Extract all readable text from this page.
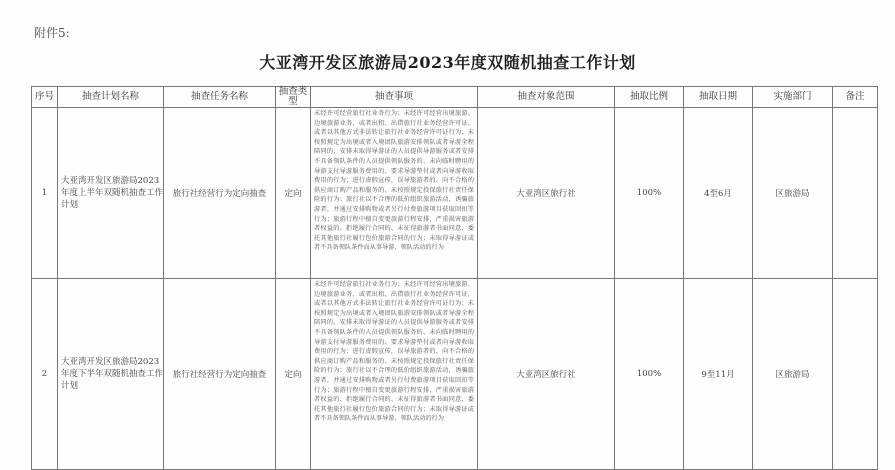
附件5:
大亚湾开发区旅游局2023年度双随机抽查工作计划
序号	抽查计划名称	抽查任务名称	抽查类型	抽查事项	抽查对象范围	抽取比例	抽取日期	实施部门	备注
1	大亚湾开发区旅游局2023年度上半年双随机抽查工作计划	旅行社经营行为定向抽查	定向	未经许可经营旅行社业务行为；未经许可经营出境旅游、边境旅游业务，或者出租、出借旅行社业务经营许可证，或者以其他方式非法转让旅行社业务经营许可证行为；未按照规定为出境或者入境团队旅游安排领队或者导游全程陪同的、安排未取得导游证的人员提供导游服务或者安排不具备领队条件的人员提供领队服务的、未向临时聘用的导游支付导游服务费用的、要求导游垫付或者向导游收取费用的行为；进行虚假宣传，误导旅游者的、向不合格的供应商订购产品和服务的、未按照规定投保旅行社责任保险的行为；旅行社以不合理的低价组织旅游活动，诱骗旅游者，并通过安排购物或者另行付费旅游项目获取回扣等行为；旅游行程中擅自变更旅游行程安排，严重损害旅游者权益的、拒绝履行合同的、未征得旅游者书面同意，委托其他旅行社履行包价旅游合同的行为；未取得导游证或者不具备领队条件而从事导游、领队活动的行为	大亚湾区旅行社	100%	4至6月	区旅游局	
2	大亚湾开发区旅游局2023年度下半年双随机抽查工作计划	旅行社经营行为定向抽查	定向	未经许可经营旅行社业务行为；未经许可经营出境旅游、边境旅游业务，或者出租、出借旅行社业务经营许可证，或者以其他方式非法转让旅行社业务经营许可证行为；未按照规定为出境或者入境团队旅游安排领队或者导游全程陪同的、安排未取得导游证的人员提供导游服务或者安排不具备领队条件的人员提供领队服务的、未向临时聘用的导游支付导游服务费用的、要求导游垫付或者向导游收取费用的行为；进行虚假宣传，误导旅游者的、向不合格的供应商订购产品和服务的、未按照规定投保旅行社责任保险的行为；旅行社以不合理的低价组织旅游活动，诱骗旅游者，并通过安排购物或者另行付费旅游项目获取回扣等行为；旅游行程中擅自变更旅游行程安排，严重损害旅游者权益的、拒绝履行合同的、未征得旅游者书面同意，委托其他旅行社履行包价旅游合同的行为；未取得导游证或者不具备领队条件而从事导游、领队活动的行为	大亚湾区旅行社	100%	9至11月	区旅游局	
